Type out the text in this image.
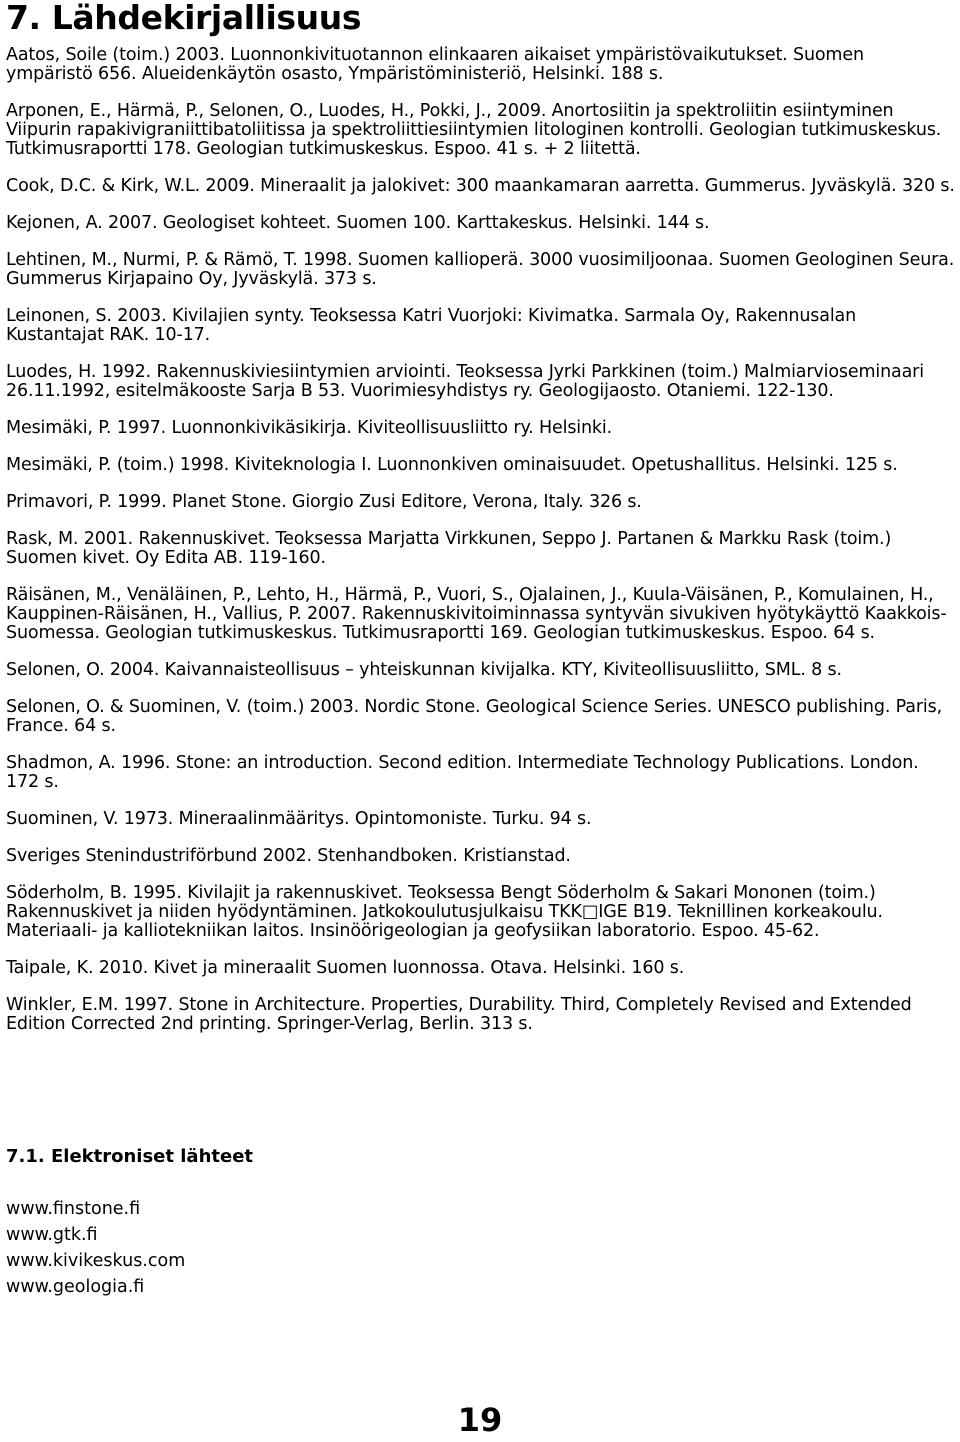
7. Lähdekirjallisuus

Aatos, Soile (toim.) 2003. Luonnonkivituotannon elinkaaren aikaiset ympäristövaikutukset. Suomen ympäristö 656. Alueidenkäytön osasto, Ympäristöministeriö, Helsinki. 188 s.

Arponen, E., Härmä, P., Selonen, O., Luodes, H., Pokki, J., 2009. Anortosiitin ja spektroliitin esiintyminen Viipurin rapakivigraniittibatoliitissa ja spektroliittiesiintymien litologinen kontrolli. Geologian tutkimuskeskus. Tutkimusraportti 178. Geologian tutkimuskeskus. Espoo. 41 s. + 2 liitettä.

Cook, D.C. & Kirk, W.L. 2009. Mineraalit ja jalokivet: 300 maankamaran aarretta. Gummerus. Jyväskylä. 320 s.

Kejonen, A. 2007. Geologiset kohteet. Suomen 100. Karttakeskus. Helsinki. 144 s.

Lehtinen, M., Nurmi, P. & Rämö, T. 1998. Suomen kallioperä. 3000 vuosimiljoonaa. Suomen Geologinen Seura. Gummerus Kirjapaino Oy, Jyväskylä. 373 s.

Leinonen, S. 2003. Kivilajien synty. Teoksessa Katri Vuorjoki: Kivimatka. Sarmala Oy, Rakennusalan Kustantajat RAK. 10-17.

Luodes, H. 1992. Rakennuskiviesiintymien arviointi. Teoksessa Jyrki Parkkinen (toim.) Malmiarvioseminaari 26.11.1992, esitelmäkooste Sarja B 53. Vuorimiesyhdistys ry. Geologijaosto. Otaniemi. 122-130.

Mesimäki, P. 1997. Luonnonkivikäsikirja. Kiviteollisuusliitto ry. Helsinki.

Mesimäki, P. (toim.) 1998. Kiviteknologia I. Luonnonkiven ominaisuudet. Opetushallitus. Helsinki. 125 s.

Primavori, P. 1999. Planet Stone. Giorgio Zusi Editore, Verona, Italy. 326 s.

Rask, M. 2001. Rakennuskivet. Teoksessa Marjatta Virkkunen, Seppo J. Partanen & Markku Rask (toim.) Suomen kivet. Oy Edita AB. 119-160.

Räisänen, M., Venäläinen, P., Lehto, H., Härmä, P., Vuori, S., Ojalainen, J., Kuula-Väisänen, P., Komulainen, H., Kauppinen-Räisänen, H., Vallius, P. 2007. Rakennuskivitoiminnassa syntyvän sivukiven hyötykäyttö Kaakkois-Suomessa. Geologian tutkimuskeskus. Tutkimusraportti 169. Geologian tutkimuskeskus. Espoo. 64 s.

Selonen, O. 2004. Kaivannaisteollisuus – yhteiskunnan kivijalka. KTY, Kiviteollisuusliitto, SML. 8 s.

Selonen, O. & Suominen, V. (toim.) 2003. Nordic Stone. Geological Science Series. UNESCO publishing. Paris, France. 64 s.

Shadmon, A. 1996. Stone: an introduction. Second edition. Intermediate Technology Publications. London. 172 s.

Suominen, V. 1973. Mineraalinmääritys. Opintomoniste. Turku. 94 s.

Sveriges Stenindustriförbund 2002. Stenhandboken. Kristianstad.

Söderholm, B. 1995. Kivilajit ja rakennuskivet. Teoksessa Bengt Söderholm & Sakari Mononen (toim.) Rakennuskivet ja niiden hyödyntäminen. Jatkokoulutusjulkaisu TKK□IGE B19. Teknillinen korkeakoulu. Materiaali- ja kalliotekniikan laitos. Insinöörigeologian ja geofysiikan laboratorio. Espoo. 45-62.

Taipale, K. 2010. Kivet ja mineraalit Suomen luonnossa. Otava. Helsinki. 160 s.

Winkler, E.M. 1997. Stone in Architecture. Properties, Durability. Third, Completely Revised and Extended Edition Corrected 2nd printing. Springer-Verlag, Berlin. 313 s.

7.1. Elektroniset lähteet
www.finstone.fi
www.gtk.fi
www.kivikeskus.com
www.geologia.fi
19
